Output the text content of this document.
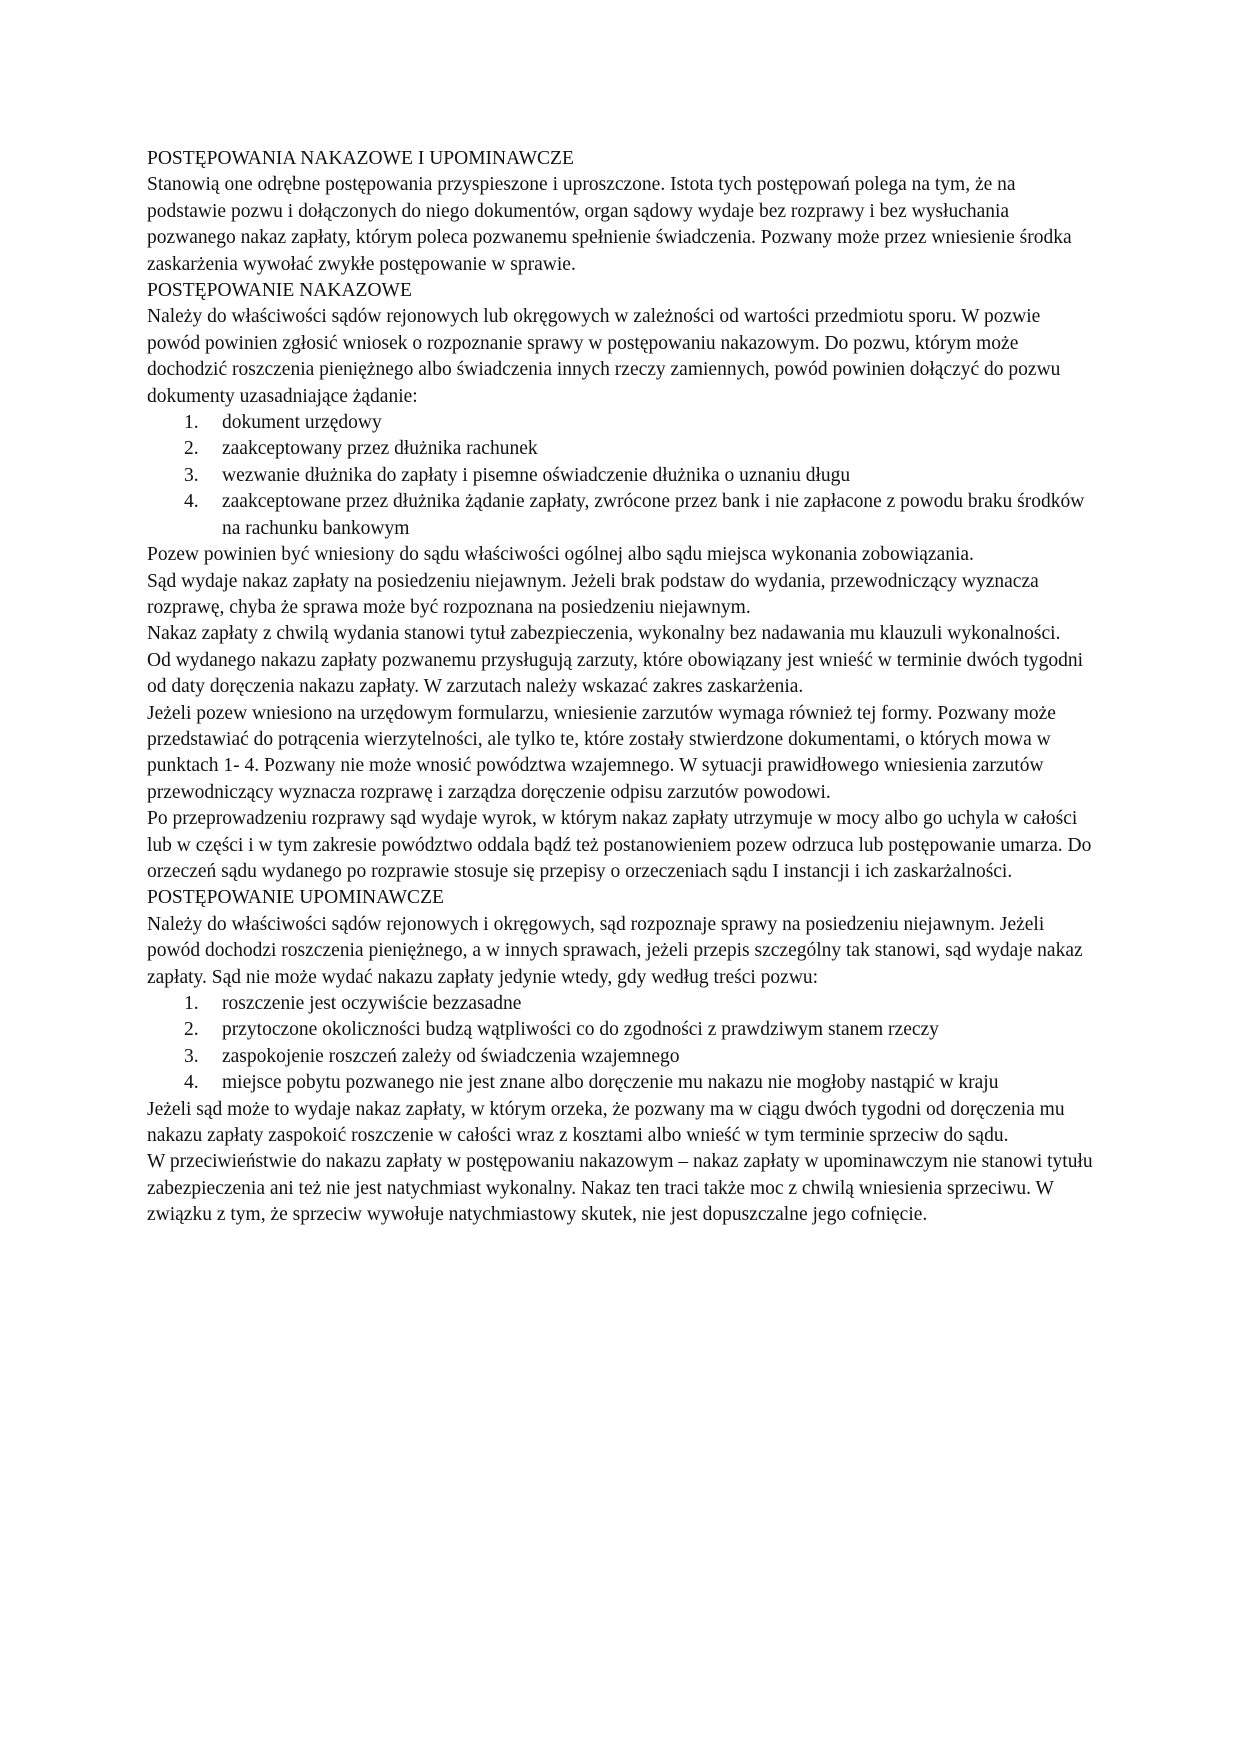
POSTĘPOWANIA NAKAZOWE I UPOMINAWCZE

Stanowią one odrębne postępowania przyspieszone i uproszczone. Istota tych postępowań polega na tym, że na podstawie pozwu i dołączonych do niego dokumentów, organ sądowy wydaje bez rozprawy i bez wysłuchania pozwanego nakaz zapłaty, którym poleca pozwanemu spełnienie świadczenia. Pozwany może przez wniesienie środka zaskarżenia wywołać zwykłe postępowanie w sprawie.

POSTĘPOWANIE NAKAZOWE

Należy do właściwości sądów rejonowych lub okręgowych w zależności od wartości przedmiotu sporu. W pozwie powód powinien zgłosić wniosek o rozpoznanie sprawy w postępowaniu nakazowym. Do pozwu, którym może dochodzić roszczenia pieniężnego albo świadczenia innych rzeczy zamiennych, powód powinien dołączyć do pozwu dokumenty uzasadniające żądanie:

1.	dokument urzędowy
2.	zaakceptowany przez dłużnika rachunek
3.	wezwanie dłużnika do zapłaty i pisemne oświadczenie dłużnika o uznaniu długu
4.	zaakceptowane przez dłużnika żądanie zapłaty, zwrócone przez bank i nie zapłacone z powodu braku środków na rachunku bankowym

Pozew powinien być wniesiony do sądu właściwości ogólnej albo sądu miejsca wykonania zobowiązania.

Sąd wydaje nakaz zapłaty na posiedzeniu niejawnym. Jeżeli brak podstaw do wydania, przewodniczący wyznacza rozprawę, chyba że sprawa może być rozpoznana na posiedzeniu niejawnym.

Nakaz zapłaty z chwilą wydania stanowi tytuł zabezpieczenia, wykonalny bez nadawania mu klauzuli wykonalności.

Od wydanego nakazu zapłaty pozwanemu przysługują zarzuty, które obowiązany jest wnieść w terminie dwóch tygodni od daty doręczenia nakazu zapłaty. W zarzutach należy wskazać zakres zaskarżenia.

Jeżeli pozew wniesiono na urzędowym formularzu, wniesienie zarzutów wymaga również tej formy. Pozwany może przedstawiać do potrącenia wierzytelności, ale tylko te, które zostały stwierdzone dokumentami, o których mowa w punktach 1- 4. Pozwany nie może wnosić powództwa wzajemnego. W sytuacji prawidłowego wniesienia zarzutów przewodniczący wyznacza rozprawę i zarządza doręczenie odpisu zarzutów powodowi.

Po przeprowadzeniu rozprawy sąd wydaje wyrok, w którym nakaz zapłaty utrzymuje w mocy albo go uchyla w całości lub w części i w tym zakresie powództwo oddala bądź też postanowieniem pozew odrzuca lub postępowanie umarza. Do orzeczeń sądu wydanego po rozprawie stosuje się przepisy o orzeczeniach sądu I instancji i ich zaskarżalności.

POSTĘPOWANIE UPOMINAWCZE

Należy do właściwości sądów rejonowych i okręgowych, sąd rozpoznaje sprawy na posiedzeniu niejawnym. Jeżeli powód dochodzi roszczenia pieniężnego, a w innych sprawach, jeżeli przepis szczególny tak stanowi, sąd wydaje nakaz zapłaty. Sąd nie może wydać nakazu zapłaty jedynie wtedy, gdy według treści pozwu:

1.	roszczenie jest oczywiście bezzasadne
2.	przytoczone okoliczności budzą wątpliwości co do zgodności z prawdziwym stanem rzeczy
3.	zaspokojenie roszczeń zależy od świadczenia wzajemnego
4.	miejsce pobytu pozwanego nie jest znane albo doręczenie mu nakazu nie mogłoby nastąpić w kraju

Jeżeli sąd może to wydaje nakaz zapłaty, w którym orzeka, że pozwany ma w ciągu dwóch tygodni od doręczenia mu nakazu zapłaty zaspokoić roszczenie w całości wraz z kosztami albo wnieść w tym terminie sprzeciw do sądu.

W przeciwieństwie do nakazu zapłaty w postępowaniu nakazowym – nakaz zapłaty w upominawczym nie stanowi tytułu zabezpieczenia ani też nie jest natychmiast wykonalny. Nakaz ten traci także moc z chwilą wniesienia sprzeciwu. W związku z tym, że sprzeciw wywołuje natychmiastowy skutek, nie jest dopuszczalne jego cofnięcie.
